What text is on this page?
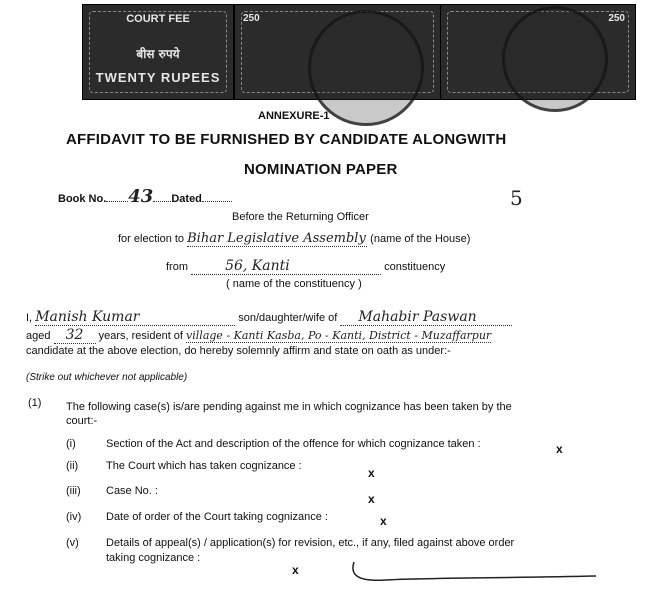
COURT FEE
बीस रुपये
TWENTY RUPEES
250	250
ANNEXURE-1
AFFIDAVIT TO BE FURNISHED BY CANDIDATE ALONGWITH
NOMINATION PAPER
Book No. 43 Dated	5
Before the Returning Officer
for election to Bihar Legislative Assembly (name of the House)
from	56, Kanti	constituency
( name of the constituency )
I, Manish Kumar	son/daughter/wife of Mahabir Paswan
aged 32 years, resident of village - Kanti Kasba, Po - Kanti, District - Muzaffarpur
candidate at the above election, do hereby solemnly affirm and state on oath as under:-
(Strike out whichever not applicable)
(1) The following case(s) is/are pending against me in which cognizance has been taken by the
court:-
(i)	Section of the Act and description of the offence for which cognizance taken :	x
(ii)	The Court which has taken cognizance :	x
(iii) Case No. :
x
(iv) Date of order of the Court taking cognizance :	x
(v) Details of appeal(s) / application(s) for revision, etc., if any, filed against above order
taking cognizance :
x
